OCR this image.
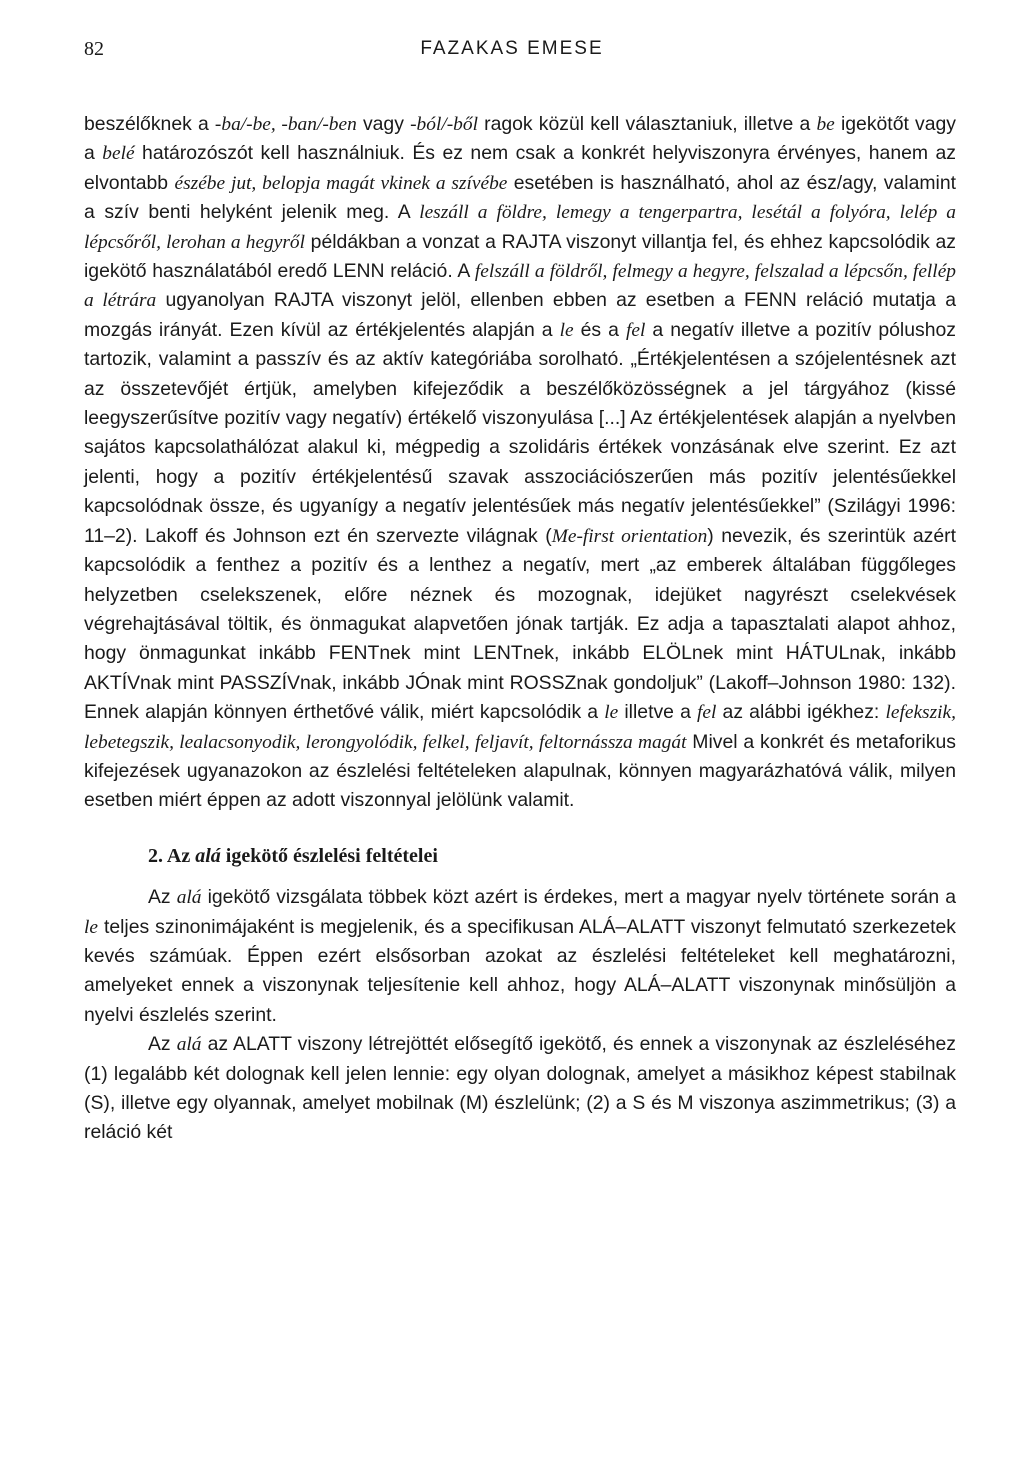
82	FAZAKAS EMESE

beszélőknek a -ba/-be, -ban/-ben vagy -ból/-ből ragok közül kell választaniuk, illetve a be igekötőt vagy a belé határozószót kell használniuk. És ez nem csak a konkrét helyviszonyra érvényes, hanem az elvontabb észébe jut, belopja magát vkinek a szívébe esetében is használható, ahol az ész/agy, valamint a szív benti helyként jelenik meg. A leszáll a földre, lemegy a tengerpartra, lesétál a folyóra, lelép a lépcsőről, lerohan a hegyről példákban a vonzat a RAJTA viszonyt villantja fel, és ehhez kapcsolódik az igekötő használatából eredő LENN reláció. A felszáll a földről, felmegy a hegyre, felszalad a lépcsőn, fellép a létrára ugyanolyan RAJTA viszonyt jelöl, ellenben ebben az esetben a FENN reláció mutatja a mozgás irányát. Ezen kívül az értékjelentés alapján a le és a fel a negatív illetve a pozitív pólushoz tartozik, valamint a passzív és az aktív kategóriába sorolható. „Értékjelentésen a szójelentésnek azt az összetevőjét értjük, amelyben kifejeződik a beszélőközösségnek a jel tárgyához (kissé leegyszerűsítve pozitív vagy negatív) értékelő viszonyulása [...] Az értékjelentések alapján a nyelvben sajátos kapcsolathálózat alakul ki, mégpedig a szolidáris értékek vonzásának elve szerint. Ez azt jelenti, hogy a pozitív értékjelentésű szavak asszociációszerűen más pozitív jelentésűekkel kapcsolódnak össze, és ugyanígy a negatív jelentésűek más negatív jelentésűekkel” (Szilágyi 1996: 11–2). Lakoff és Johnson ezt én szervezte világnak (Me-first orientation) nevezik, és szerintük azért kapcsolódik a fenthez a pozitív és a lenthez a negatív, mert „az emberek általában függőleges helyzetben cselekszenek, előre néznek és mozognak, idejüket nagyrészt cselekvések végrehajtásával töltik, és önmagukat alapvetően jónak tartják. Ez adja a tapasztalati alapot ahhoz, hogy önmagunkat inkább FENTnek mint LENTnek, inkább ELÖLnek mint HÁTULnak, inkább AKTÍVnak mint PASSZÍVnak, inkább JÓnak mint ROSSZnak gondoljuk” (Lakoff–Johnson 1980: 132). Ennek alapján könnyen érthetővé válik, miért kapcsolódik a le illetve a fel az alábbi igékhez: lefekszik, lebetegszik, lealacsonyodik, lerongyolódik, felkel, feljavít, feltornássza magát Mivel a konkrét és metaforikus kifejezések ugyanazokon az észlelési feltételeken alapulnak, könnyen magyarázhatóvá válik, milyen esetben miért éppen az adott viszonnyal jelölünk valamit.

2. Az alá igekötő észlelési feltételei

Az alá igekötő vizsgálata többek közt azért is érdekes, mert a magyar nyelv története során a le teljes szinonimájaként is megjelenik, és a specifikusan ALÁ–ALATT viszonyt felmutató szerkezetek kevés számúak. Éppen ezért elsősorban azokat az észlelési feltételeket kell meghatározni, amelyeket ennek a viszonynak teljesítenie kell ahhoz, hogy ALÁ–ALATT viszonynak minősüljön a nyelvi észlelés szerint.

Az alá az ALATT viszony létrejöttét elősegítő igekötő, és ennek a viszonynak az észleléséhez (1) legalább két dolognak kell jelen lennie: egy olyan dolognak, amelyet a másikhoz képest stabilnak (S), illetve egy olyannak, amelyet mobilnak (M) észlelünk; (2) a S és M viszonya aszimmetrikus; (3) a reláció két
